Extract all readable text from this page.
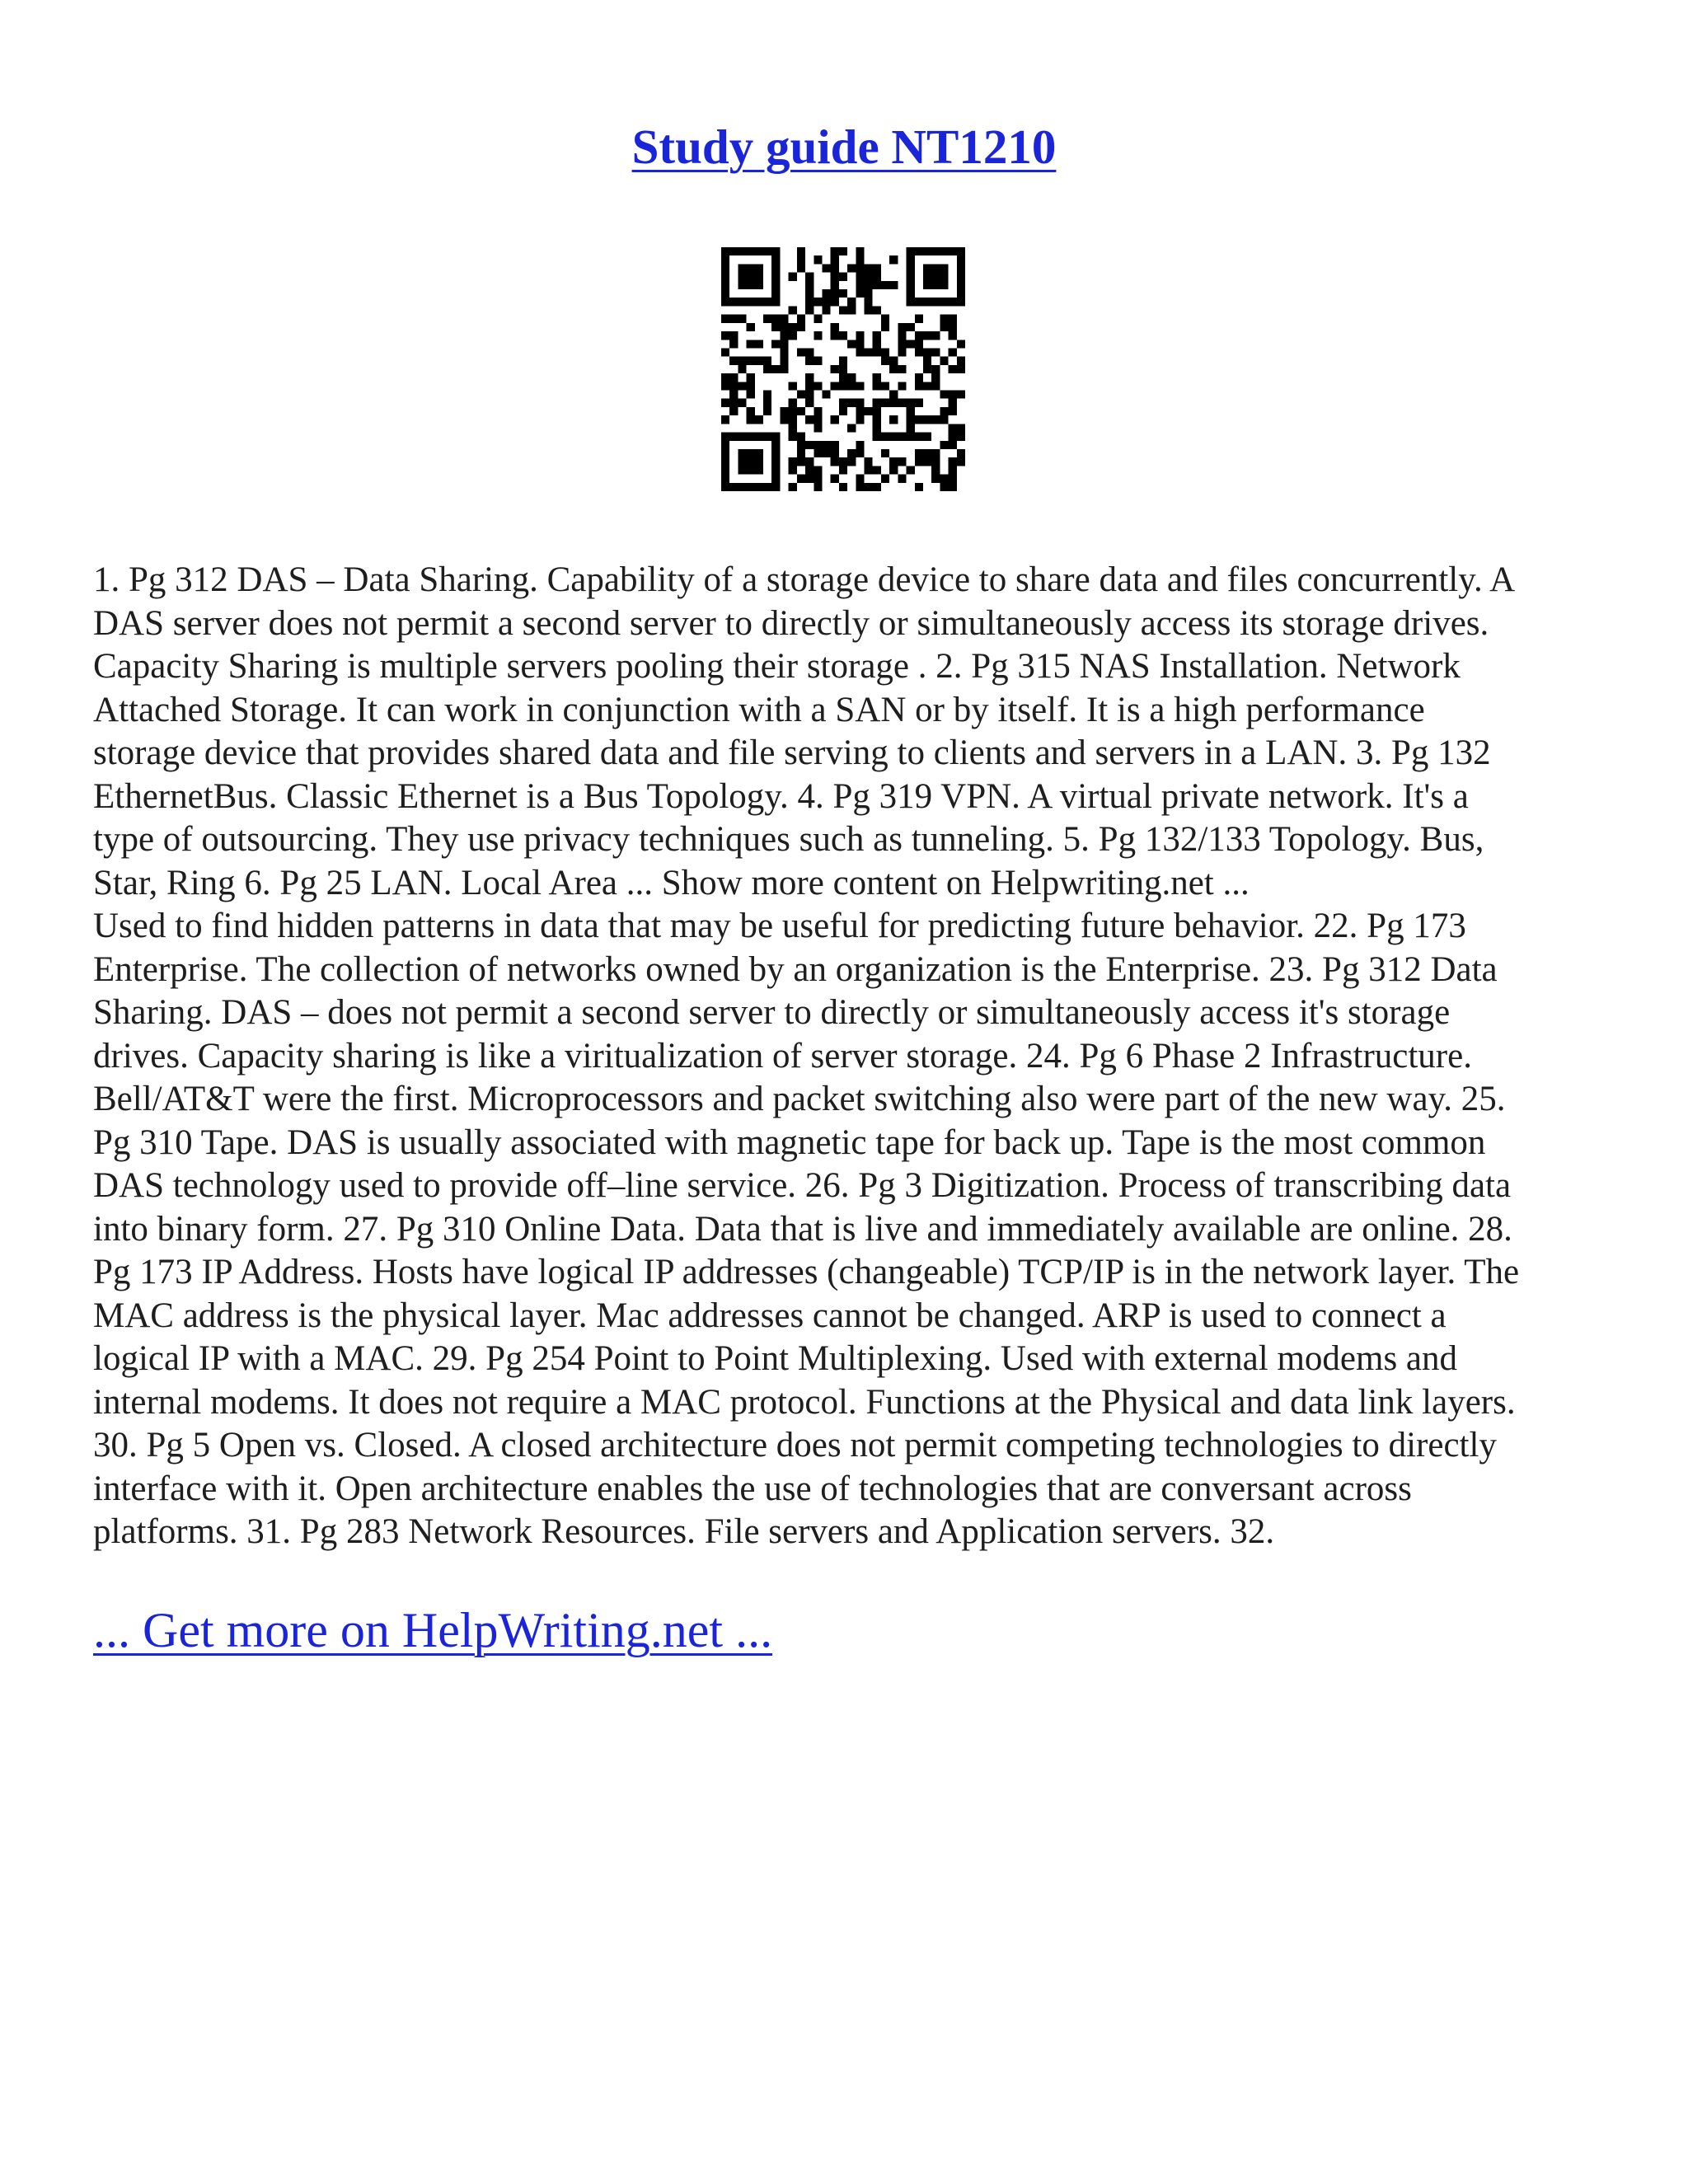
Study guide NT1210

1. Pg 312 DAS – Data Sharing. Capability of a storage device to share data and files concurrently. A
DAS server does not permit a second server to directly or simultaneously access its storage drives.
Capacity Sharing is multiple servers pooling their storage . 2. Pg 315 NAS Installation. Network
Attached Storage. It can work in conjunction with a SAN or by itself. It is a high performance
storage device that provides shared data and file serving to clients and servers in a LAN. 3. Pg 132
EthernetBus. Classic Ethernet is a Bus Topology. 4. Pg 319 VPN. A virtual private network. It's a
type of outsourcing. They use privacy techniques such as tunneling. 5. Pg 132/133 Topology. Bus,
Star, Ring 6. Pg 25 LAN. Local Area ... Show more content on Helpwriting.net ...
Used to find hidden patterns in data that may be useful for predicting future behavior. 22. Pg 173
Enterprise. The collection of networks owned by an organization is the Enterprise. 23. Pg 312 Data
Sharing. DAS – does not permit a second server to directly or simultaneously access it's storage
drives. Capacity sharing is like a viritualization of server storage. 24. Pg 6 Phase 2 Infrastructure.
Bell/AT&T were the first. Microprocessors and packet switching also were part of the new way. 25.
Pg 310 Tape. DAS is usually associated with magnetic tape for back up. Tape is the most common
DAS technology used to provide off–line service. 26. Pg 3 Digitization. Process of transcribing data
into binary form. 27. Pg 310 Online Data. Data that is live and immediately available are online. 28.
Pg 173 IP Address. Hosts have logical IP addresses (changeable) TCP/IP is in the network layer. The
MAC address is the physical layer. Mac addresses cannot be changed. ARP is used to connect a
logical IP with a MAC. 29. Pg 254 Point to Point Multiplexing. Used with external modems and
internal modems. It does not require a MAC protocol. Functions at the Physical and data link layers.
30. Pg 5 Open vs. Closed. A closed architecture does not permit competing technologies to directly
interface with it. Open architecture enables the use of technologies that are conversant across
platforms. 31. Pg 283 Network Resources. File servers and Application servers. 32.

... Get more on HelpWriting.net ...
